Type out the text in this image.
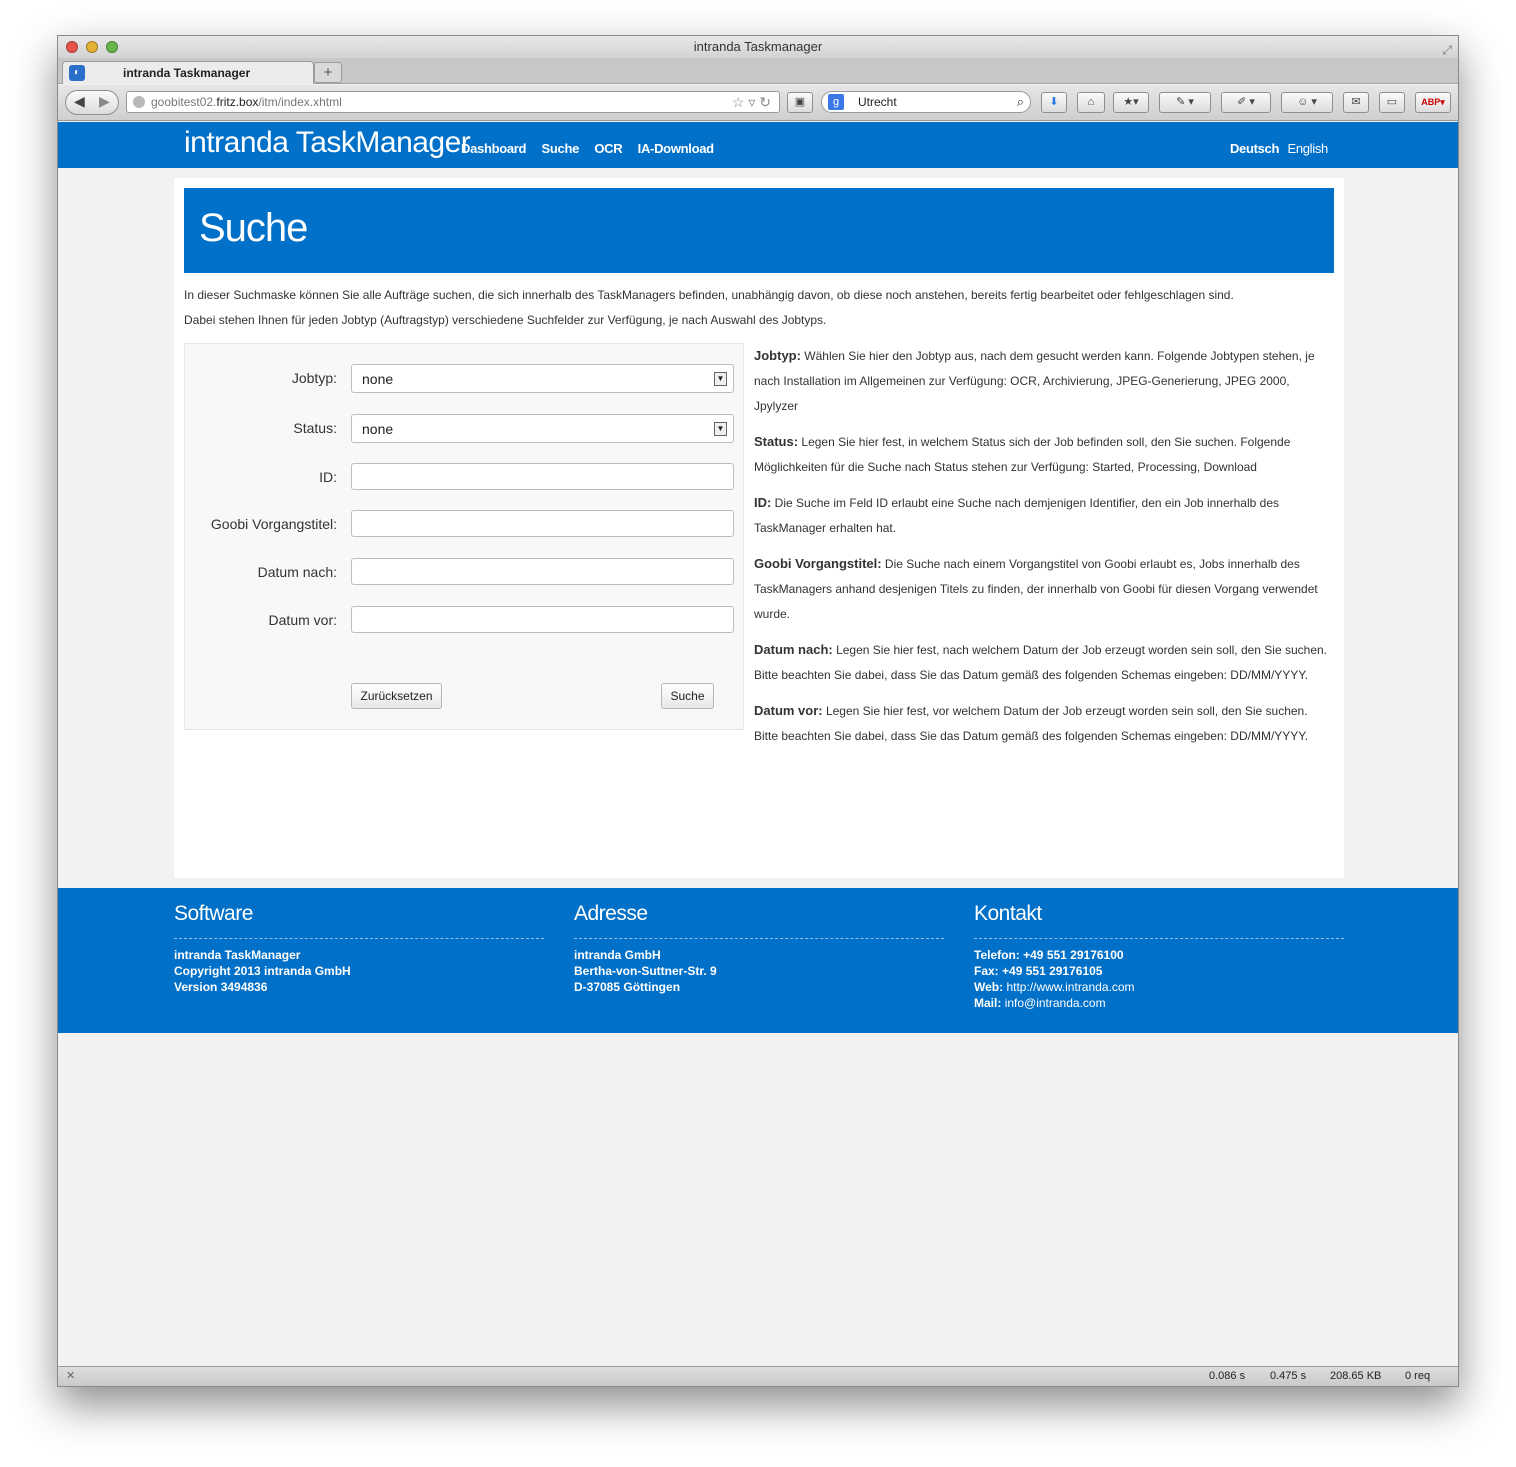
intranda Taskmanager	⤢
◐	intranda Taskmanager	+
◀ ▶	goobitest02.fritz.box/itm/index.xhtml	☆ ▿ ↻	▣	g	Utrecht	⌕	⬇	⌂	★▾	✎ ▾	✐ ▾	☺ ▾	✉	▭	ABP▾
intranda TaskManager
Dashboard Suche OCR IA-Download	Deutsch English
Suche
In dieser Suchmaske können Sie alle Aufträge suchen, die sich innerhalb des TaskManagers befinden, unabhängig davon, ob diese noch anstehen, bereits fertig bearbeitet oder fehlgeschlagen sind.
Dabei stehen Ihnen für jeden Jobtyp (Auftragstyp) verschiedene Suchfelder zur Verfügung, je nach Auswahl des Jobtyps.
Jobtyp:	none	▼
Status:	none	▼
ID:
Goobi Vorgangstitel:
Datum nach:
Datum vor:
Zurücksetzen	Suche

Jobtyp: Wählen Sie hier den Jobtyp aus, nach dem gesucht werden kann. Folgende Jobtypen stehen, je nach Installation im Allgemeinen zur Verfügung: OCR, Archivierung, JPEG-Generierung, JPEG 2000, Jpylyzer

Status: Legen Sie hier fest, in welchem Status sich der Job befinden soll, den Sie suchen. Folgende Möglichkeiten für die Suche nach Status stehen zur Verfügung: Started, Processing, Download

ID: Die Suche im Feld ID erlaubt eine Suche nach demjenigen Identifier, den ein Job innerhalb des TaskManager erhalten hat.

Goobi Vorgangstitel: Die Suche nach einem Vorgangstitel von Goobi erlaubt es, Jobs innerhalb des TaskManagers anhand desjenigen Titels zu finden, der innerhalb von Goobi für diesen Vorgang verwendet wurde.

Datum nach: Legen Sie hier fest, nach welchem Datum der Job erzeugt worden sein soll, den Sie suchen. Bitte beachten Sie dabei, dass Sie das Datum gemäß des folgenden Schemas eingeben: DD/MM/YYYY.

Datum vor: Legen Sie hier fest, vor welchem Datum der Job erzeugt worden sein soll, den Sie suchen. Bitte beachten Sie dabei, dass Sie das Datum gemäß des folgenden Schemas eingeben: DD/MM/YYYY.

Software
intranda TaskManager
Copyright 2013 intranda GmbH
Version 3494836
Adresse
intranda GmbH
Bertha-von-Suttner-Str. 9
D-37085 Göttingen
Kontakt
Telefon: +49 551 29176100
Fax: +49 551 29176105
Web: http://www.intranda.com
Mail: info@intranda.com
✕	0.086 s 0.475 s 208.65 KB 0 req
